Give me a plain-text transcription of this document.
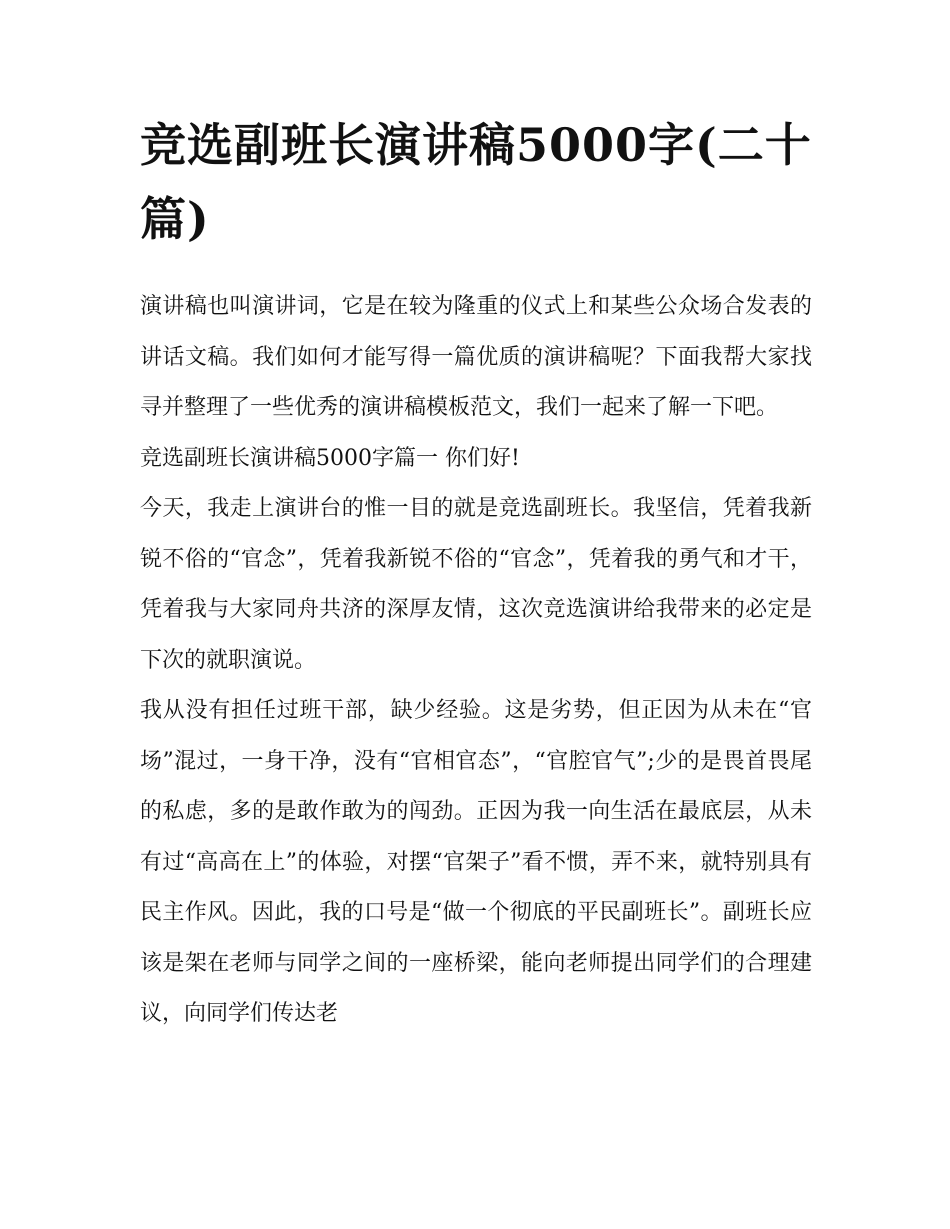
竞选副班长演讲稿5000字(二十篇)

演讲稿也叫演讲词，它是在较为隆重的仪式上和某些公众场合发表的讲话文稿。我们如何才能写得一篇优质的演讲稿呢？下面我帮大家找寻并整理了一些优秀的演讲稿模板范文，我们一起来了解一下吧。

竞选副班长演讲稿5000字篇一 你们好!

今天，我走上演讲台的惟一目的就是竞选副班长。我坚信，凭着我新锐不俗的“官念”，凭着我新锐不俗的“官念”，凭着我的勇气和才干，凭着我与大家同舟共济的深厚友情，这次竞选演讲给我带来的必定是下次的就职演说。

我从没有担任过班干部，缺少经验。这是劣势，但正因为从未在“官场”混过，一身干净，没有“官相官态”，“官腔官气”;少的是畏首畏尾的私虑，多的是敢作敢为的闯劲。正因为我一向生活在最底层，从未有过“高高在上”的体验，对摆“官架子”看不惯，弄不来，就特别具有民主作风。因此，我的口号是“做一个彻底的平民副班长”。副班长应该是架在老师与同学之间的一座桥梁，能向老师提出同学们的合理建议，向同学们传达老
